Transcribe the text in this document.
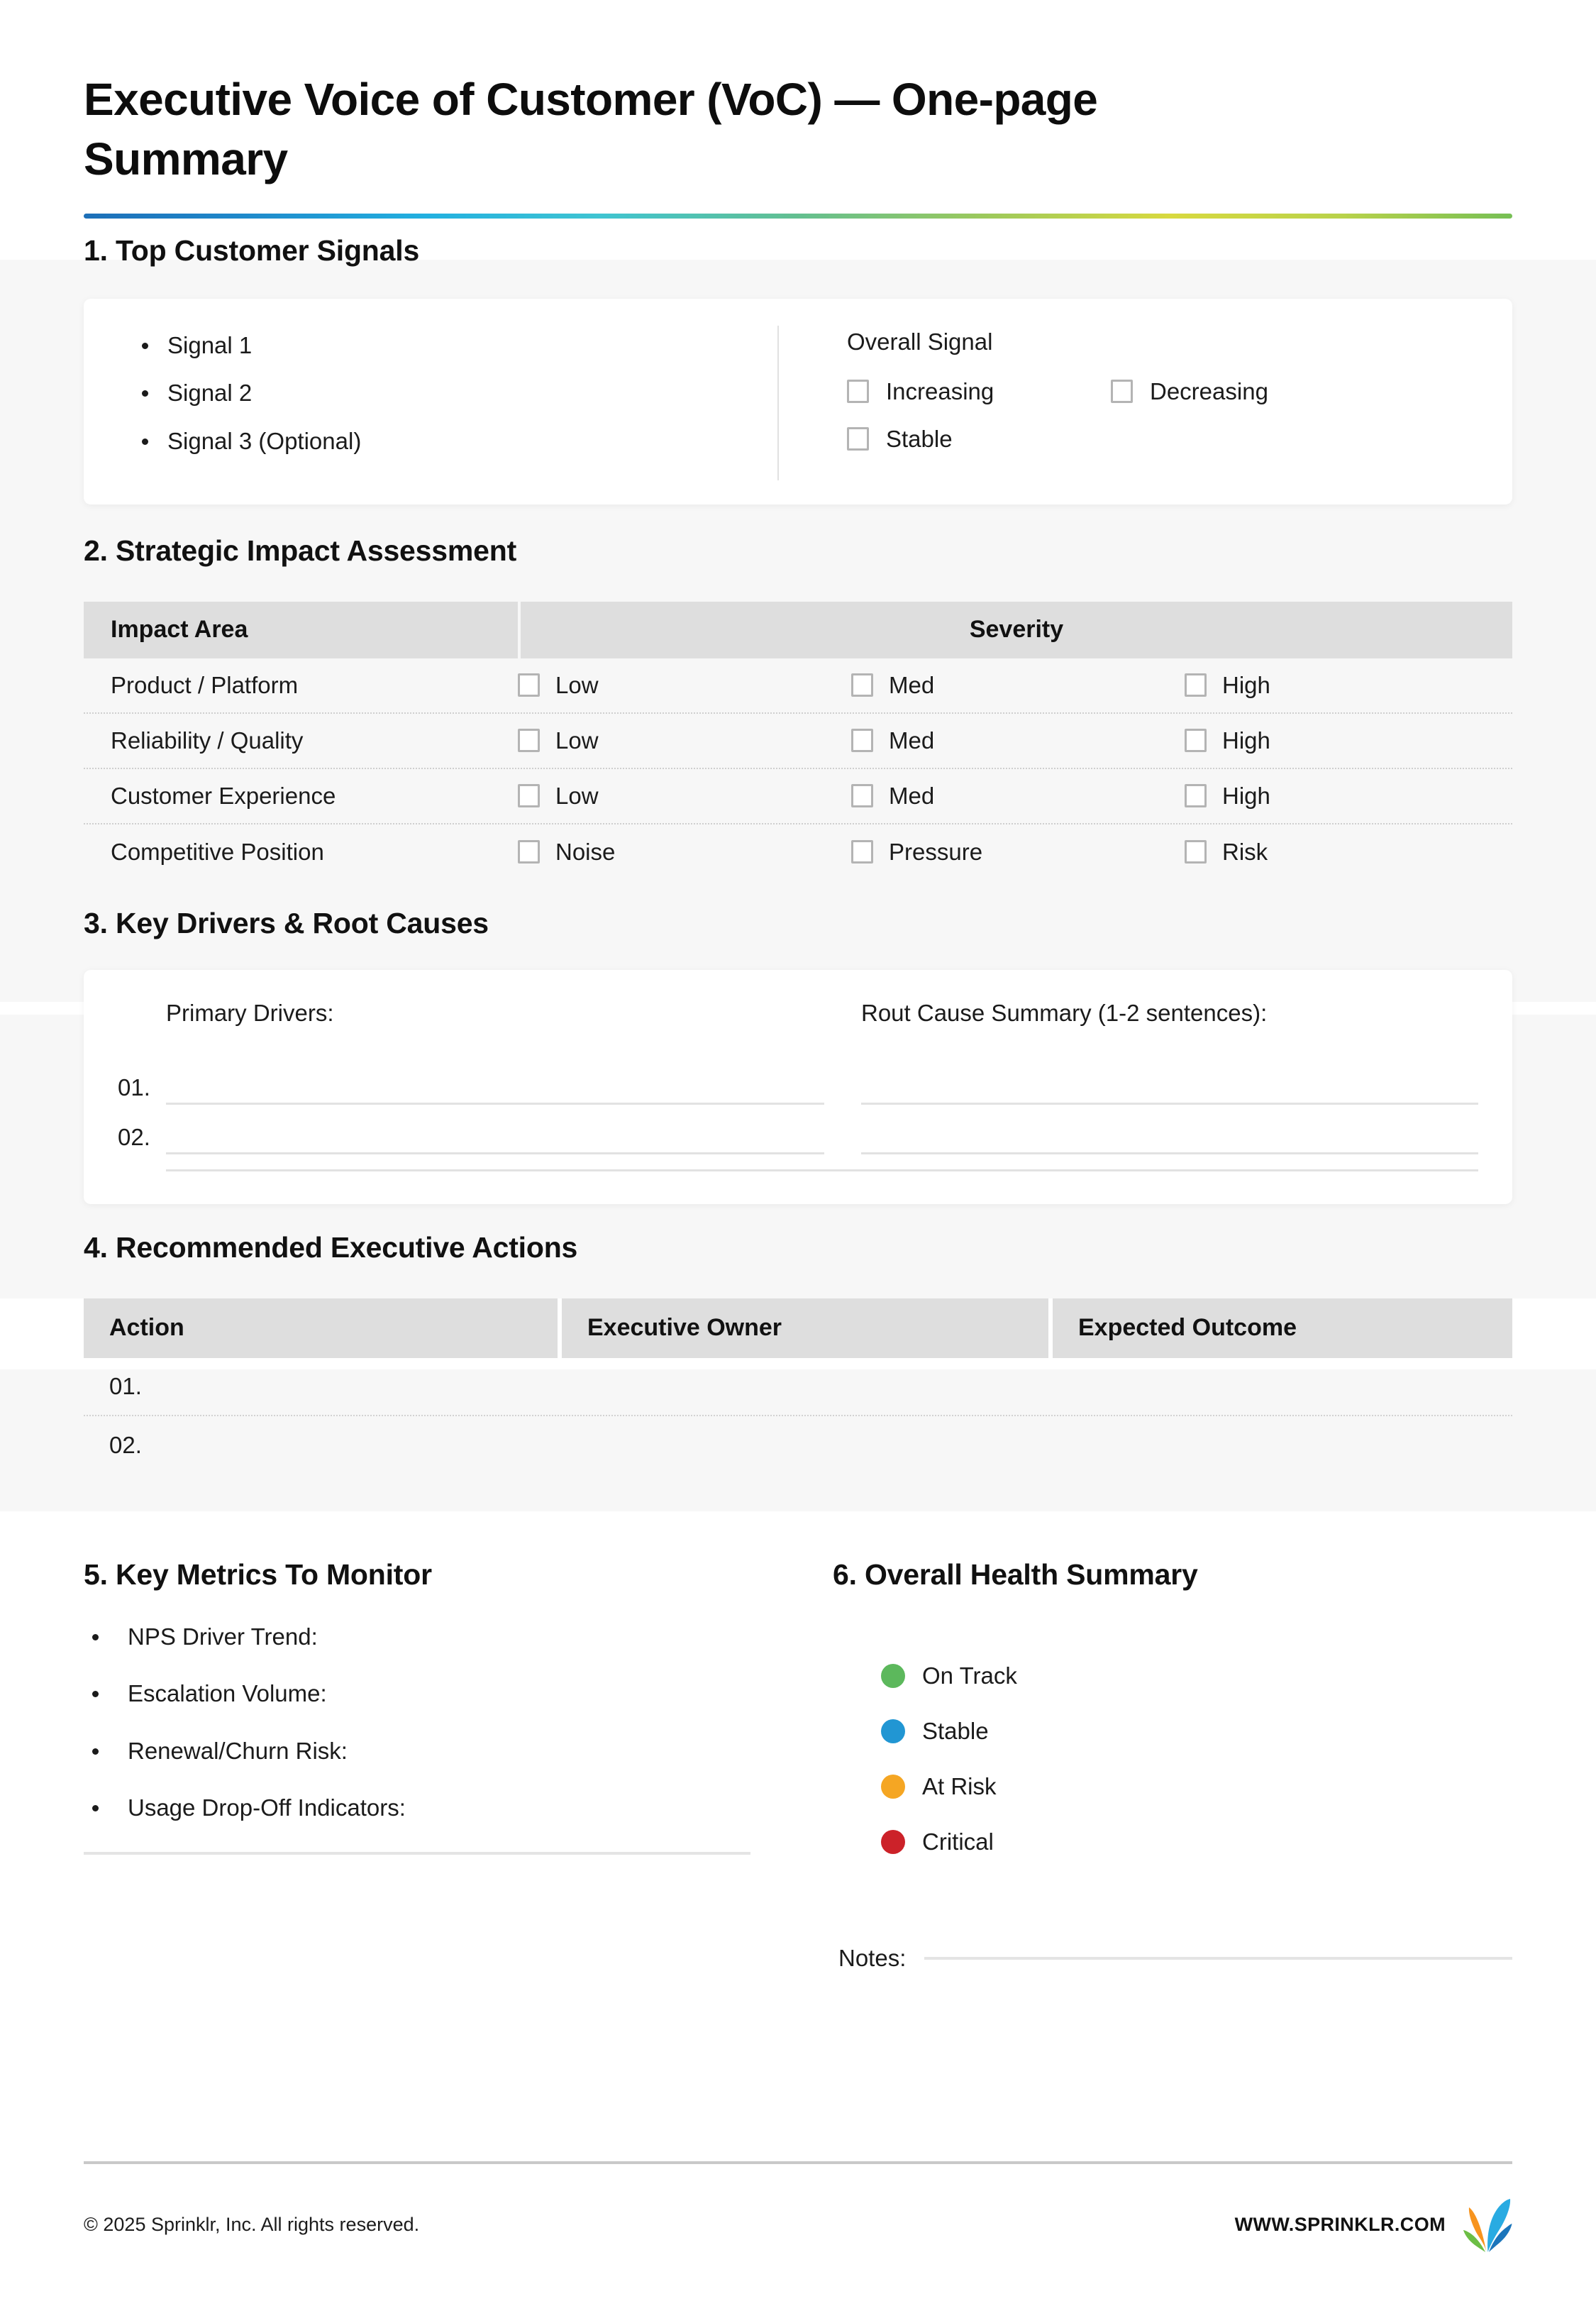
Executive Voice of Customer (VoC) — One-page Summary
1. Top Customer Signals
Signal 1
Signal 2
Signal 3 (Optional)
Overall Signal
Increasing	Decreasing
Stable
2. Strategic Impact Assessment
Impact Area	Severity
Product / Platform	Low	Med	High
Reliability / Quality	Low	Med	High
Customer Experience	Low	Med	High
Competitive Position	Noise	Pressure	Risk
3. Key Drivers & Root Causes
Primary Drivers:
01.
02.
Rout Cause Summary (1-2 sentences):
4. Recommended Executive Actions
Action	Executive Owner	Expected Outcome
01.
02.
5. Key Metrics To Monitor
NPS Driver Trend:
Escalation Volume:
Renewal/Churn Risk:
Usage Drop-Off Indicators:
6. Overall Health Summary
On Track
Stable
At Risk
Critical
Notes:
© 2025 Sprinklr, Inc. All rights reserved.	WWW.SPRINKLR.COM
